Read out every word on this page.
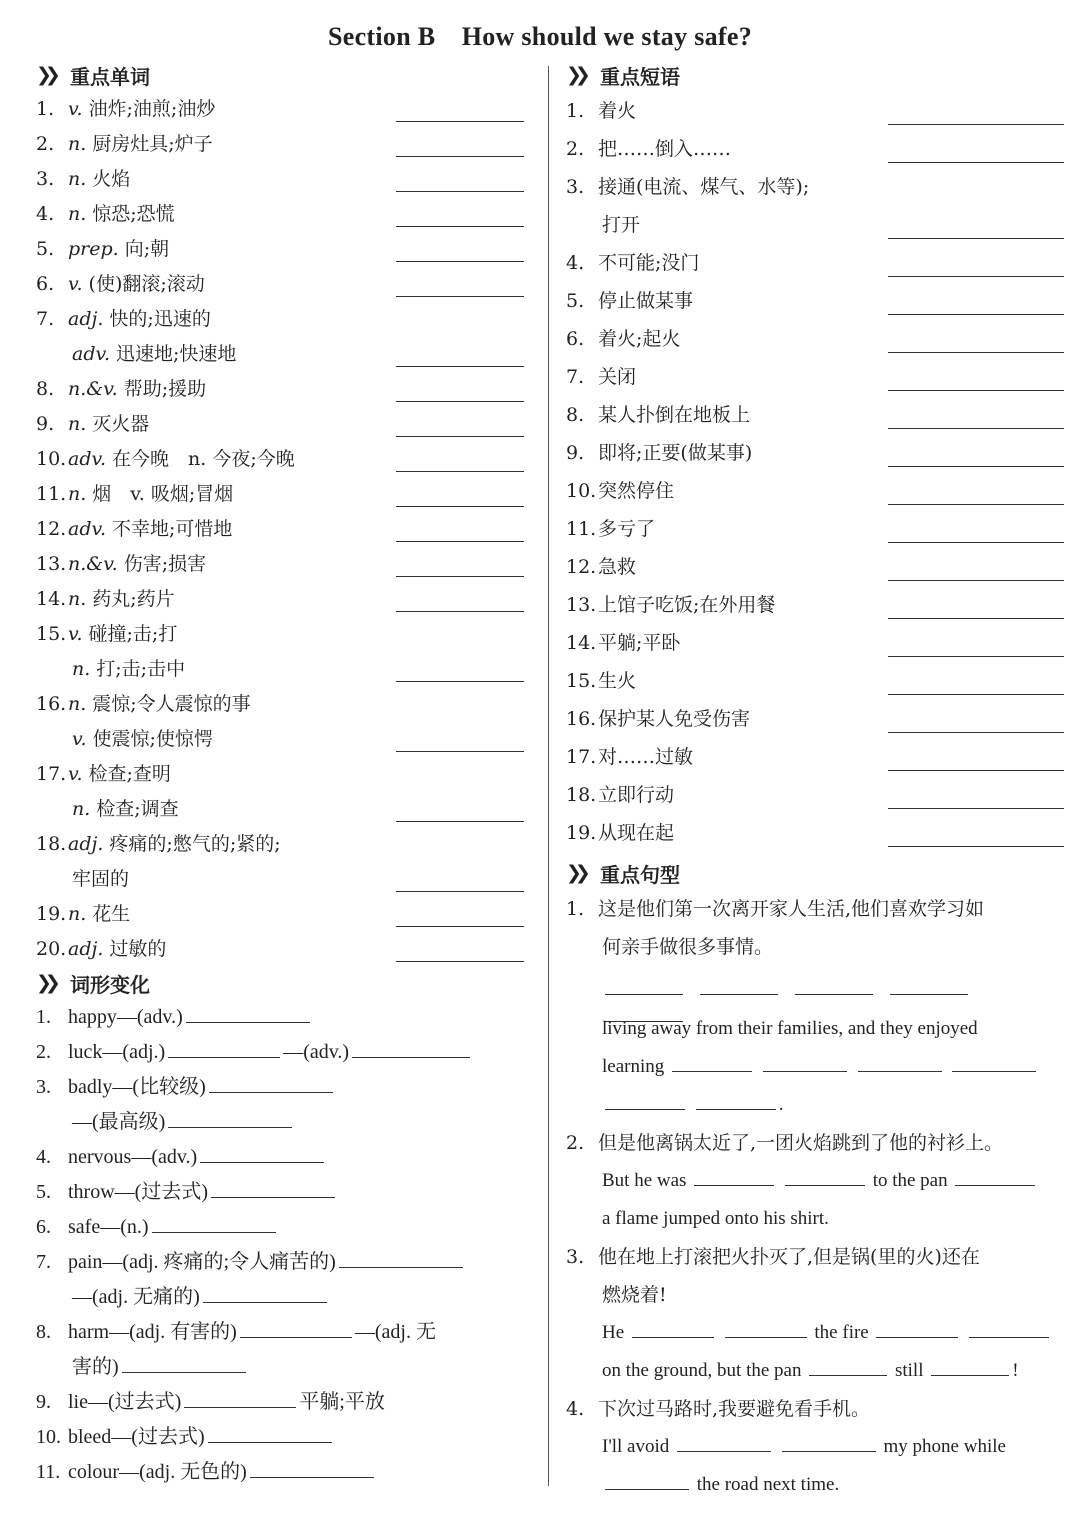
Section B How should we stay safe?
❯❯ 重点单词
1. v. 油炸;油煎;油炒
2. n. 厨房灶具;炉子
3. n. 火焰
4. n. 惊恐;恐慌
5. prep. 向;朝
6. v. (使)翻滚;滚动
7. adj. 快的;迅速的
adv. 迅速地;快速地
8. n.&v. 帮助;援助
9. n. 灭火器
10.adv. 在今晚 n. 今夜;今晚
11.n. 烟 v. 吸烟;冒烟
12.adv. 不幸地;可惜地
13.n.&v. 伤害;损害
14.n. 药丸;药片
15.v. 碰撞;击;打
n. 打;击;击中
16.n. 震惊;令人震惊的事
v. 使震惊;使惊愕
17.v. 检查;查明
n. 检查;调查
18.adj. 疼痛的;憋气的;紧的;
牢固的
19.n. 花生
20.adj. 过敏的
❯❯ 词形变化
1. happy—(adv.)
2. luck—(adj.)	—(adv.)
3. badly—(比较级)
—(最高级)
4. nervous—(adv.)
5. throw—(过去式)
6. safe—(n.)
7. pain—(adj. 疼痛的;令人痛苦的)
—(adj. 无痛的)
8. harm—(adj. 有害的)	—(adj. 无
害的)
9. lie—(过去式)	平躺;平放
10. bleed—(过去式)
11. colour—(adj. 无色的)
❯❯ 重点短语
1. 着火
2. 把……倒入……
3. 接通(电流、煤气、水等);
打开
4. 不可能;没门
5. 停止做某事
6. 着火;起火
7. 关闭
8. 某人扑倒在地板上
9. 即将;正要(做某事)
10.突然停住
11.多亏了
12.急救
13.上馆子吃饭;在外用餐
14.平躺;平卧
15.生火
16.保护某人免受伤害
17.对……过敏
18.立即行动
19.从现在起
❯❯ 重点句型
1. 这是他们第一次离开家人生活,他们喜欢学习如
何亲手做很多事情。
living away from their families, and they enjoyed
learning
.
2. 但是他离锅太近了,一团火焰跳到了他的衬衫上。
But he was	to the pan
a flame jumped onto his shirt.
3. 他在地上打滚把火扑灭了,但是锅(里的火)还在
燃烧着!
He	the fire
on the ground, but the pan	still	!
4. 下次过马路时,我要避免看手机。
I'll avoid	my phone while
the road next time.
